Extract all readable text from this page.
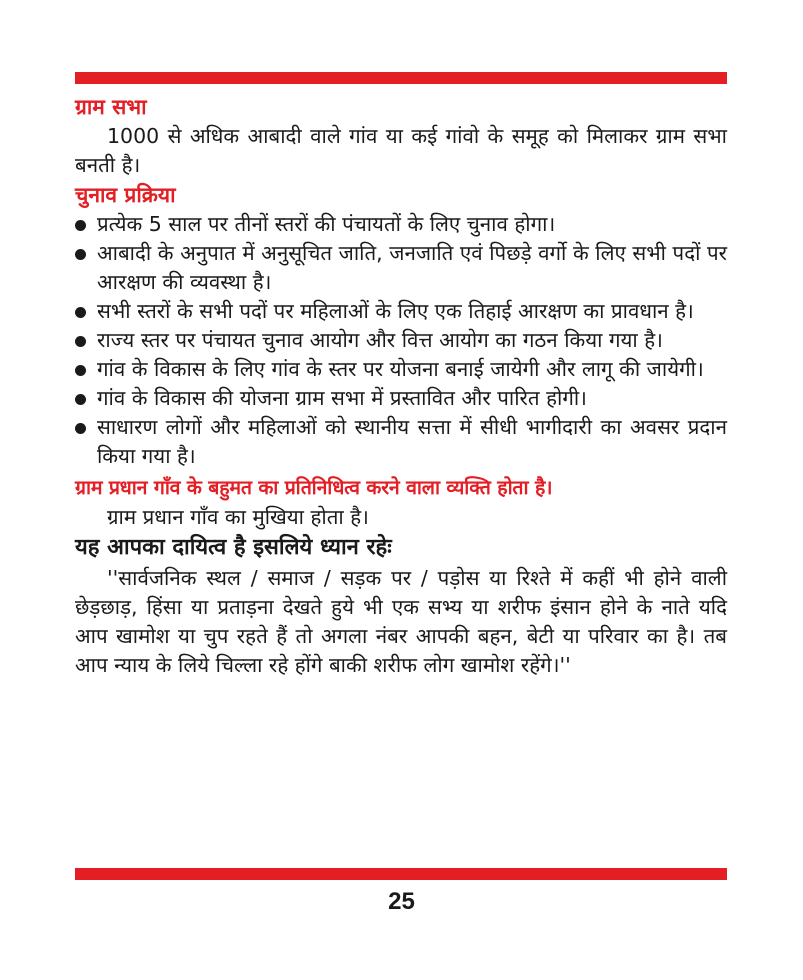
ग्राम सभा

1000 से अधिक आबादी वाले गांव या कई गांवो के समूह को मिलाकर ग्राम सभा बनती है।

चुनाव प्रक्रिया
प्रत्येक 5 साल पर तीनों स्तरों की पंचायतों के लिए चुनाव होगा।
आबादी के अनुपात में अनुसूचित जाति, जनजाति एवं पिछड़े वर्गो के लिए सभी पदों पर आरक्षण की व्यवस्था है।
सभी स्तरों के सभी पदों पर महिलाओं के लिए एक तिहाई आरक्षण का प्रावधान है।
राज्य स्तर पर पंचायत चुनाव आयोग और वित्त आयोग का गठन किया गया है।
गांव के विकास के लिए गांव के स्तर पर योजना बनाई जायेगी और लागू की जायेगी।
गांव के विकास की योजना ग्राम सभा में प्रस्तावित और पारित होगी।
साधारण लोगों और महिलाओं को स्थानीय सत्ता में सीधी भागीदारी का अवसर प्रदान किया गया है।

ग्राम प्रधान गाँव के बहुमत का प्रतिनिधित्व करने वाला व्यक्ति होता है।

ग्राम प्रधान गाँव का मुखिया होता है।

यह आपका दायित्व है इसलिये ध्यान रहेः

''सार्वजनिक स्थल / समाज / सड़क पर / पड़ोस या रिश्ते में कहीं भी होने वाली छेड़छाड़, हिंसा या प्रताड़ना देखते हुये भी एक सभ्य या शरीफ इंसान होने के नाते यदि आप खामोश या चुप रहते हैं तो अगला नंबर आपकी बहन, बेटी या परिवार का है। तब आप न्याय के लिये चिल्ला रहे होंगे बाकी शरीफ लोग खामोश रहेंगे।''

25
